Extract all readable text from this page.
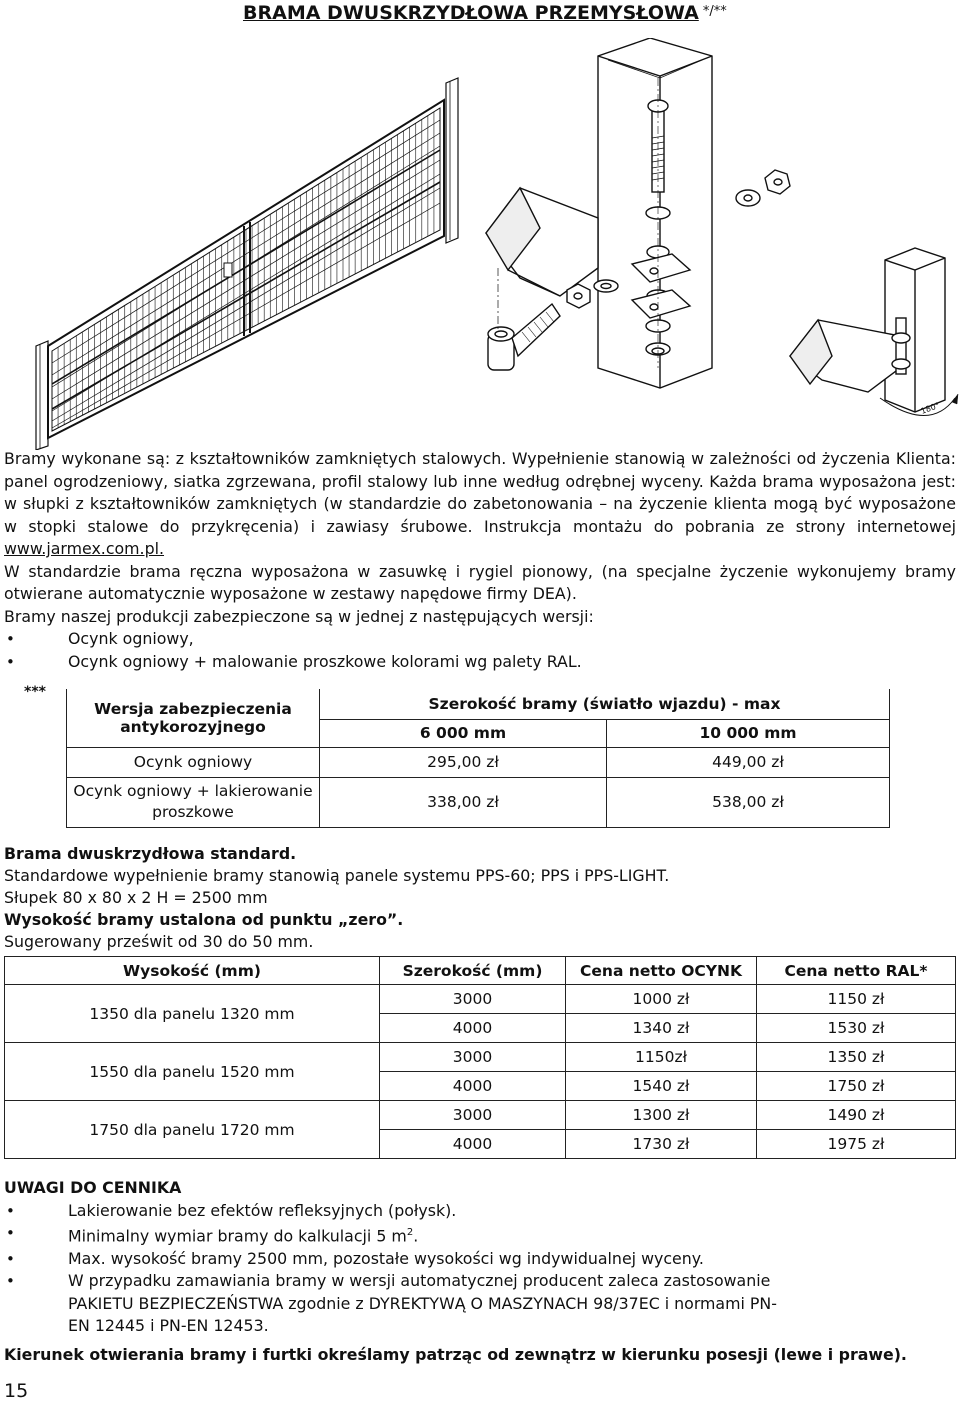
BRAMA DWUSKRZYDŁOWA PRZEMYSŁOWA */**
180°
Bramy wykonane są: z kształtowników zamkniętych stalowych. Wypełnienie stanowią w zależności od życzenia Klienta: panel ogrodzeniowy, siatka zgrzewana, profil stalowy lub inne według odrębnej wyceny. Każda brama wyposażona jest: w słupki z kształtowników zamkniętych (w standardzie do zabetonowania – na życzenie klienta mogą być wyposażone w stopki stalowe do przykręcenia) i zawiasy śrubowe. Instrukcja montażu do pobrania ze strony internetowej www.jarmex.com.pl.
W standardzie brama ręczna wyposażona w zasuwkę i rygiel pionowy, (na specjalne życzenie wykonujemy bramy otwierane automatycznie wyposażone w zestawy napędowe firmy DEA).
Bramy naszej produkcji zabezpieczone są w jednej z następujących wersji:
• Ocynk ogniowy,
• Ocynk ogniowy + malowanie proszkowe kolorami wg palety RAL.
***
Wersja zabezpieczenia antykorozyjnego	Szerokość bramy (światło wjazdu) - max	
	6 000 mm	10 000 mm
Ocynk ogniowy	295,00 zł	449,00 zł
Ocynk ogniowy + lakierowanie proszkowe	338,00 zł	538,00 zł
Brama dwuskrzydłowa standard.
Standardowe wypełnienie bramy stanowią panele systemu PPS-60; PPS i PPS-LIGHT.
Słupek 80 x 80 x 2 H = 2500 mm
Wysokość bramy ustalona od punktu „zero”.
Sugerowany prześwit od 30 do 50 mm.
Wysokość (mm)	Szerokość (mm)	Cena netto OCYNK	Cena netto RAL*
1350 dla panelu 1320 mm	3000	1000 zł	1150 zł
	4000	1340 zł	1530 zł
1550 dla panelu 1520 mm	3000	1150zł	1350 zł
	4000	1540 zł	1750 zł
1750 dla panelu 1720 mm	3000	1300 zł	1490 zł
	4000	1730 zł	1975 zł
UWAGI DO CENNIKA
• Lakierowanie bez efektów refleksyjnych (połysk).
• Minimalny wymiar bramy do kalkulacji 5 $m^2$.
• Max. wysokość bramy 2500 mm, pozostałe wysokości wg indywidualnej wyceny.
• W przypadku zamawiania bramy w wersji automatycznej producent zaleca zastosowanie PAKIETU BEZPIECZEŃSTWA zgodnie z DYREKTYWĄ O MASZYNACH 98/37EC i normami PN-EN 12445 i PN-EN 12453.
Kierunek otwierania bramy i furtki określamy patrząc od zewnątrz w kierunku posesji (lewe i prawe).
15
